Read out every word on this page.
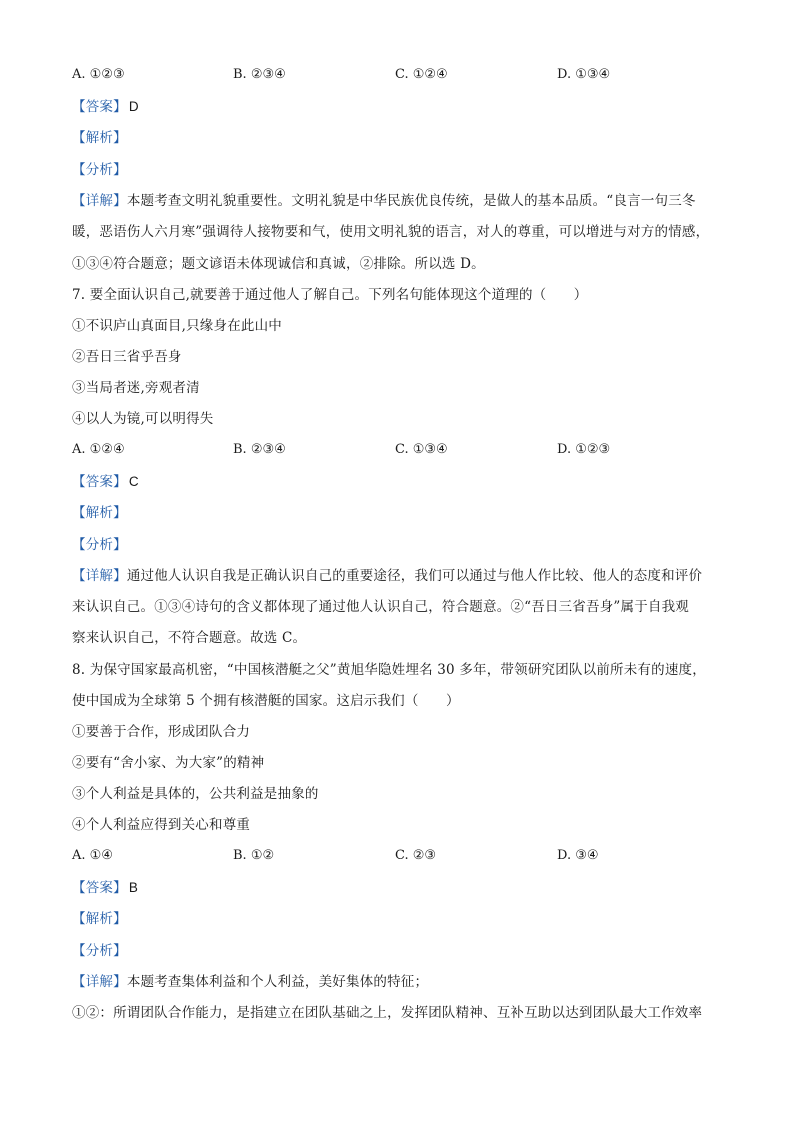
A. ①②③	B. ②③④	C. ①②④	D. ①③④
【答案】 D
【解析】
【分析】
【详解】本题考查文明礼貌重要性。文明礼貌是中华民族优良传统，是做人的基本品质。“良言一句三冬
暖，恶语伤人六月寒”强调待人接物要和气，使用文明礼貌的语言，对人的尊重，可以增进与对方的情感，
①③④符合题意；题文谚语未体现诚信和真诚，②排除。所以选 D。
7. 要全面认识自己,就要善于通过他人了解自己。下列名句能体现这个道理的（　　）
①不识庐山真面目,只缘身在此山中
②吾日三省乎吾身
③当局者迷,旁观者清
④以人为镜,可以明得失
A. ①②④	B. ②③④	C. ①③④	D. ①②③
【答案】 C
【解析】
【分析】
【详解】通过他人认识自我是正确认识自己的重要途径，我们可以通过与他人作比较、他人的态度和评价
来认识自己。①③④诗句的含义都体现了通过他人认识自己，符合题意。②“吾日三省吾身”属于自我观
察来认识自己，不符合题意。故选 C。
8. 为保守国家最高机密，“中国核潜艇之父”黄旭华隐姓埋名 30 多年，带领研究团队以前所未有的速度，
使中国成为全球第 5 个拥有核潜艇的国家。这启示我们（　　）
①要善于合作，形成团队合力
②要有“舍小家、为大家”的精神
③个人利益是具体的，公共利益是抽象的
④个人利益应得到关心和尊重
A. ①④	B. ①②	C. ②③	D. ③④
【答案】 B
【解析】
【分析】
【详解】本题考查集体利益和个人利益，美好集体的特征；
①②：所谓团队合作能力，是指建立在团队基础之上，发挥团队精神、互补互助以达到团队最大工作效率
